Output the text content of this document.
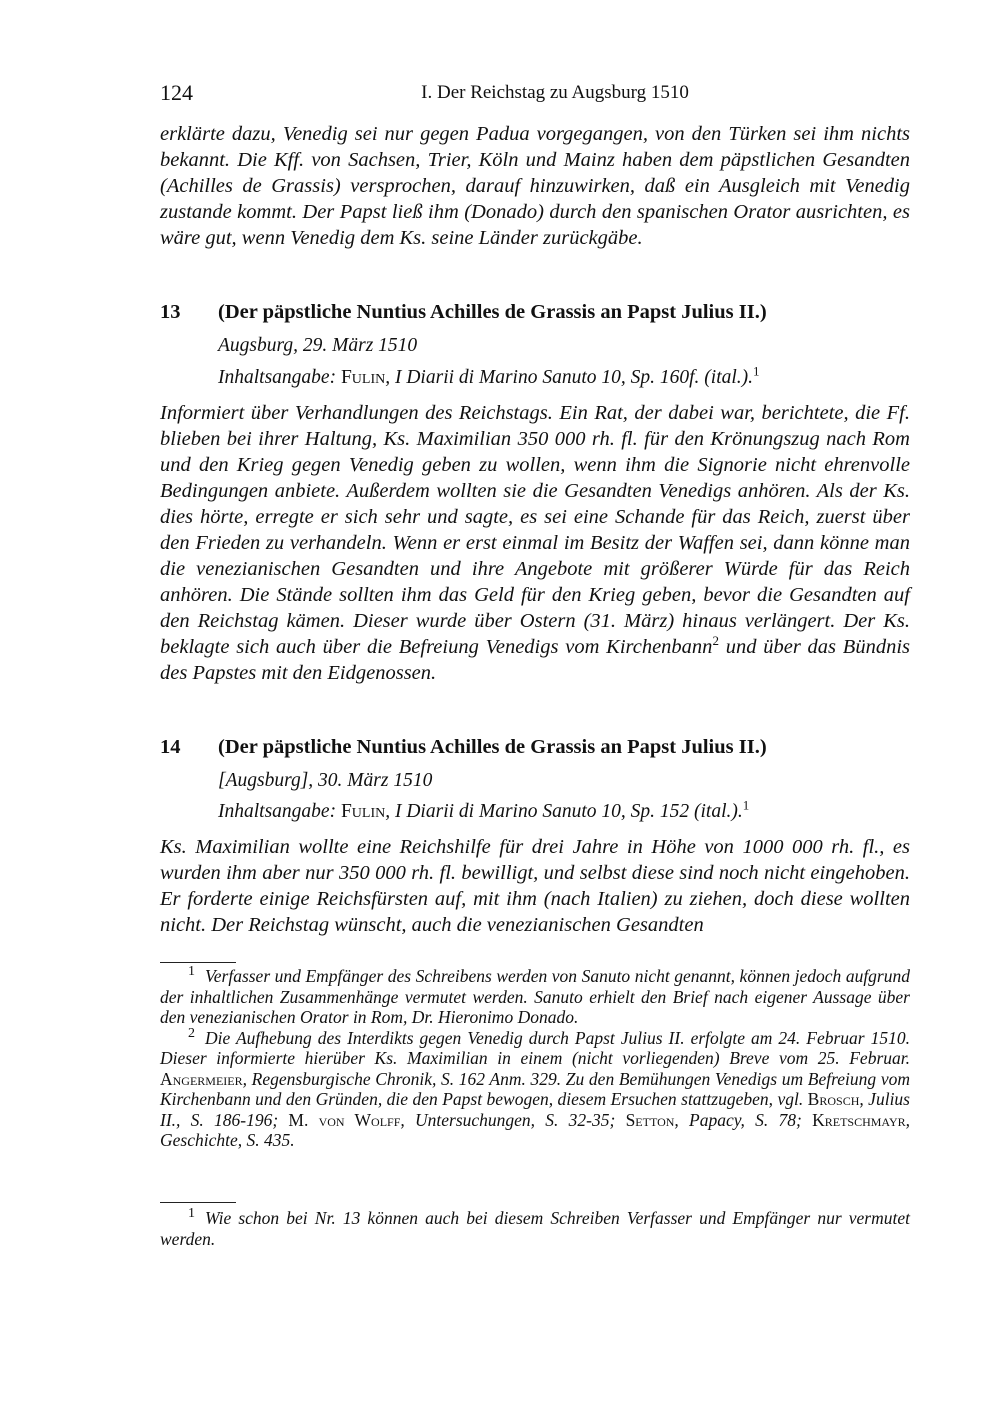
124	I. Der Reichstag zu Augsburg 1510

erklärte dazu, Venedig sei nur gegen Padua vorgegangen, von den Türken sei ihm nichts bekannt. Die Kff. von Sachsen, Trier, Köln und Mainz haben dem päpstlichen Gesandten (Achilles de Grassis) versprochen, darauf hinzuwirken, daß ein Ausgleich mit Venedig zustande kommt. Der Papst ließ ihm (Donado) durch den spanischen Orator ausrichten, es wäre gut, wenn Venedig dem Ks. seine Länder zurückgäbe.

13 (Der päpstliche Nuntius Achilles de Grassis an Papst Julius II.)
Augsburg, 29. März 1510
Inhaltsangabe: Fulin, I Diarii di Marino Sanuto 10, Sp. 160f. (ital.).$^1$

Informiert über Verhandlungen des Reichstags. Ein Rat, der dabei war, berichtete, die Ff. blieben bei ihrer Haltung, Ks. Maximilian 350 000 rh. fl. für den Krönungszug nach Rom und den Krieg gegen Venedig geben zu wollen, wenn ihm die Signorie nicht ehrenvolle Bedingungen anbiete. Außerdem wollten sie die Gesandten Venedigs anhören. Als der Ks. dies hörte, erregte er sich sehr und sagte, es sei eine Schande für das Reich, zuerst über den Frieden zu verhandeln. Wenn er erst einmal im Besitz der Waffen sei, dann könne man die venezianischen Gesandten und ihre Angebote mit größerer Würde für das Reich anhören. Die Stände sollten ihm das Geld für den Krieg geben, bevor die Gesandten auf den Reichstag kämen. Dieser wurde über Ostern (31. März) hinaus verlängert. Der Ks. beklagte sich auch über die Befreiung Venedigs vom Kirchenbann$^2$ und über das Bündnis des Papstes mit den Eidgenossen.

14 (Der päpstliche Nuntius Achilles de Grassis an Papst Julius II.)
[Augsburg], 30. März 1510
Inhaltsangabe: Fulin, I Diarii di Marino Sanuto 10, Sp. 152 (ital.).$^1$

Ks. Maximilian wollte eine Reichshilfe für drei Jahre in Höhe von 1000 000 rh. fl., es wurden ihm aber nur 350 000 rh. fl. bewilligt, und selbst diese sind noch nicht eingehoben. Er forderte einige Reichsfürsten auf, mit ihm (nach Italien) zu ziehen, doch diese wollten nicht. Der Reichstag wünscht, auch die venezianischen Gesandten

$^1$ Verfasser und Empfänger des Schreibens werden von Sanuto nicht genannt, können jedoch aufgrund der inhaltlichen Zusammenhänge vermutet werden. Sanuto erhielt den Brief nach eigener Aussage über den venezianischen Orator in Rom, Dr. Hieronimo Donado.

$^2$ Die Aufhebung des Interdikts gegen Venedig durch Papst Julius II. erfolgte am 24. Februar 1510. Dieser informierte hierüber Ks. Maximilian in einem (nicht vorliegenden) Breve vom 25. Februar. Angermeier, Regensburgische Chronik, S. 162 Anm. 329. Zu den Bemühungen Venedigs um Befreiung vom Kirchenbann und den Gründen, die den Papst bewogen, diesem Ersuchen stattzugeben, vgl. Brosch, Julius II., S. 186-196; M. von Wolff, Untersuchungen, S. 32-35; Setton, Papacy, S. 78; Kretschmayr, Geschichte, S. 435.

$^1$ Wie schon bei Nr. 13 können auch bei diesem Schreiben Verfasser und Empfänger nur vermutet werden.
